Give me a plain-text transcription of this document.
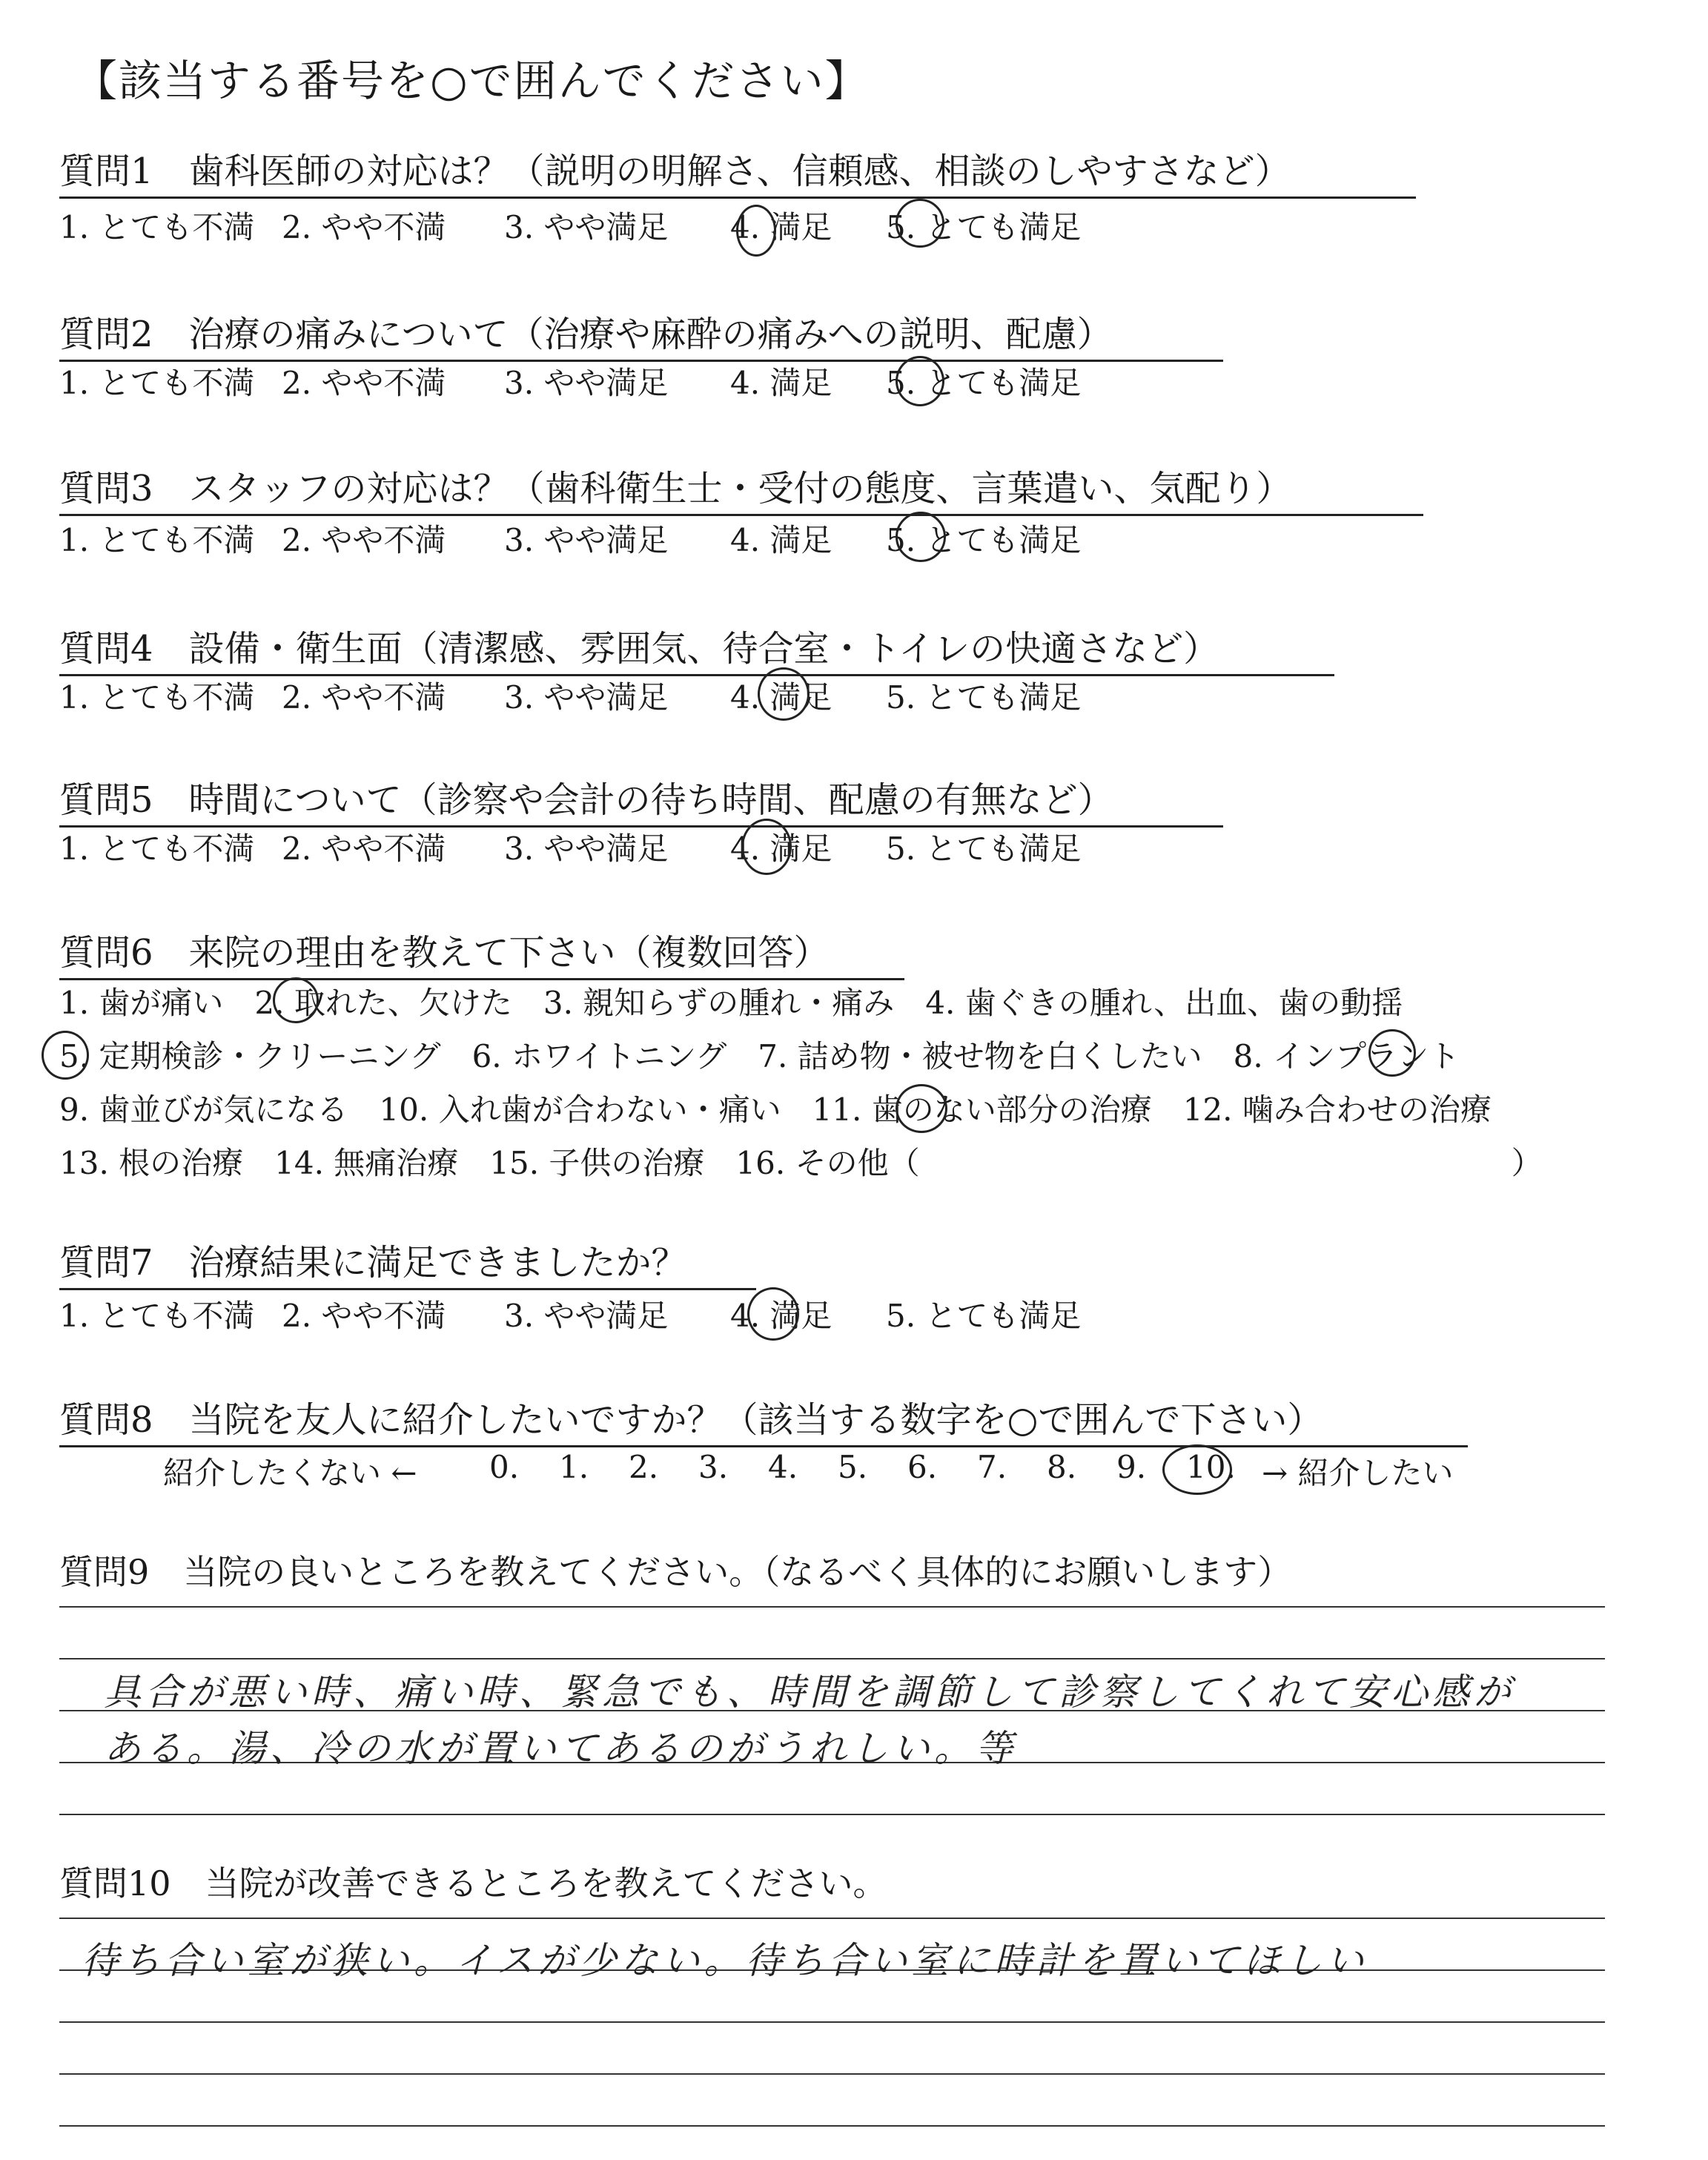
【該当する番号を○で囲んでください】
質問1　歯科医師の対応は？（説明の明解さ、信頼感、相談のしやすさなど）
1. とても不満 2. やや不満 3. やや満足 4. 満足 5. とても満足
質問2　治療の痛みについて（治療や麻酔の痛みへの説明、配慮）
1. とても不満 2. やや不満 3. やや満足 4. 満足 5. とても満足
質問3　スタッフの対応は？（歯科衛生士・受付の態度、言葉遣い、気配り）
1. とても不満 2. やや不満 3. やや満足 4. 満足 5. とても満足
質問4　設備・衛生面（清潔感、雰囲気、待合室・トイレの快適さなど）
1. とても不満 2. やや不満 3. やや満足 4. 満足 5. とても満足
質問5　時間について（診察や会計の待ち時間、配慮の有無など）
1. とても不満 2. やや不満 3. やや満足 4. 満足 5. とても満足
質問6　来院の理由を教えて下さい（複数回答）
1. 歯が痛い　2. 取れた、欠けた　3. 親知らずの腫れ・痛み　4. 歯ぐきの腫れ、出血、歯の動揺
5. 定期検診・クリーニング　6. ホワイトニング　7. 詰め物・被せ物を白くしたい　8. インプラント
9. 歯並びが気になる　10. 入れ歯が合わない・痛い　11. 歯のない部分の治療　12. 噛み合わせの治療
13. 根の治療　14. 無痛治療　15. 子供の治療　16. その他（　　　　　　　　　　　　　　　　　　　）
質問7　治療結果に満足できましたか？
1. とても不満 2. やや不満 3. やや満足 4. 満足 5. とても満足
質問8　当院を友人に紹介したいですか？（該当する数字を○で囲んで下さい）
紹介したくない ← 0. 1. 2. 3. 4. 5. 6. 7. 8. 9. 10. → 紹介したい
質問9　当院の良いところを教えてください。（なるべく具体的にお願いします）
具合が悪い時、痛い時、緊急でも、時間を調節して診察してくれて安心感が
ある。湯、冷の水が置いてあるのがうれしい。等
質問10　当院が改善できるところを教えてください。
待ち合い室が狭い。イスが少ない。待ち合い室に時計を置いてほしい
